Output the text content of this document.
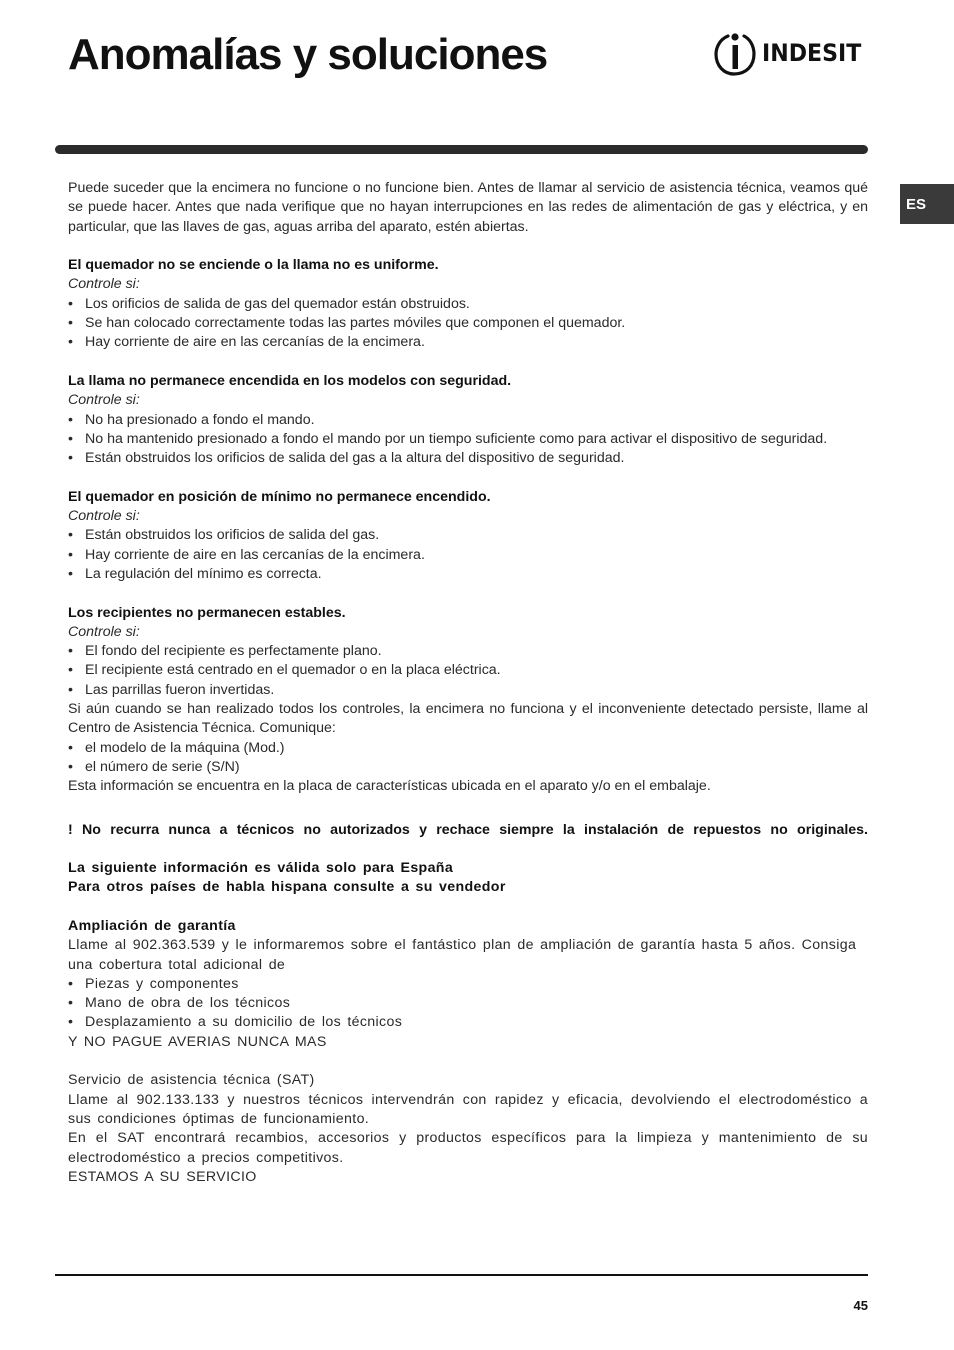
Anomalías y soluciones	INDESIT
ES

Puede suceder que la encimera no funcione o no funcione bien. Antes de llamar al servicio de asistencia técnica, veamos qué se puede hacer. Antes que nada verifique que no hayan interrupciones en las redes de alimentación de gas y eléctrica, y en particular, que las llaves de gas, aguas arriba del aparato, estén abiertas.

El quemador no se enciende o la llama no es uniforme.

Controle si:

• Los orificios de salida de gas del quemador están obstruidos.
• Se han colocado correctamente todas las partes móviles que componen el quemador.
• Hay corriente de aire en las cercanías de la encimera.

La llama no permanece encendida en los modelos con seguridad.

Controle si:

• No ha presionado a fondo el mando.
• No ha mantenido presionado a fondo el mando por un tiempo suficiente como para activar el dispositivo de seguridad.
• Están obstruidos los orificios de salida del gas a la altura del dispositivo de seguridad.

El quemador en posición de mínimo no permanece encendido.

Controle si:

• Están obstruidos los orificios de salida del gas.
• Hay corriente de aire en las cercanías de la encimera.
• La regulación del mínimo es correcta.

Los recipientes no permanecen estables.

Controle si:

• El fondo del recipiente es perfectamente plano.
• El recipiente está centrado en el quemador o en la placa eléctrica.
• Las parrillas fueron invertidas.

Si aún cuando se han realizado todos los controles, la encimera no funciona y el inconveniente detectado persiste, llame al Centro de Asistencia Técnica. Comunique:

• el modelo de la máquina (Mod.)
• el número de serie (S/N)

Esta información se encuentra en la placa de características ubicada en el aparato y/o en el embalaje.

! No recurra nunca a técnicos no autorizados y rechace siempre la instalación de repuestos no originales.

La siguiente información es válida solo para España

Para otros países de habla hispana consulte a su vendedor

Ampliación de garantía

Llame al 902.363.539 y le informaremos sobre el fantástico plan de ampliación de garantía hasta 5 años. Consiga una cobertura total adicional de

• Piezas y componentes
• Mano de obra de los técnicos
• Desplazamiento a su domicilio de los técnicos

Y NO PAGUE AVERIAS NUNCA MAS

Servicio de asistencia técnica (SAT)

Llame al 902.133.133 y nuestros técnicos intervendrán con rapidez y eficacia, devolviendo el electrodoméstico a sus condiciones óptimas de funcionamiento.

En el SAT encontrará recambios, accesorios y productos específicos para la limpieza y mantenimiento de su electrodoméstico a precios competitivos.

ESTAMOS A SU SERVICIO

45
